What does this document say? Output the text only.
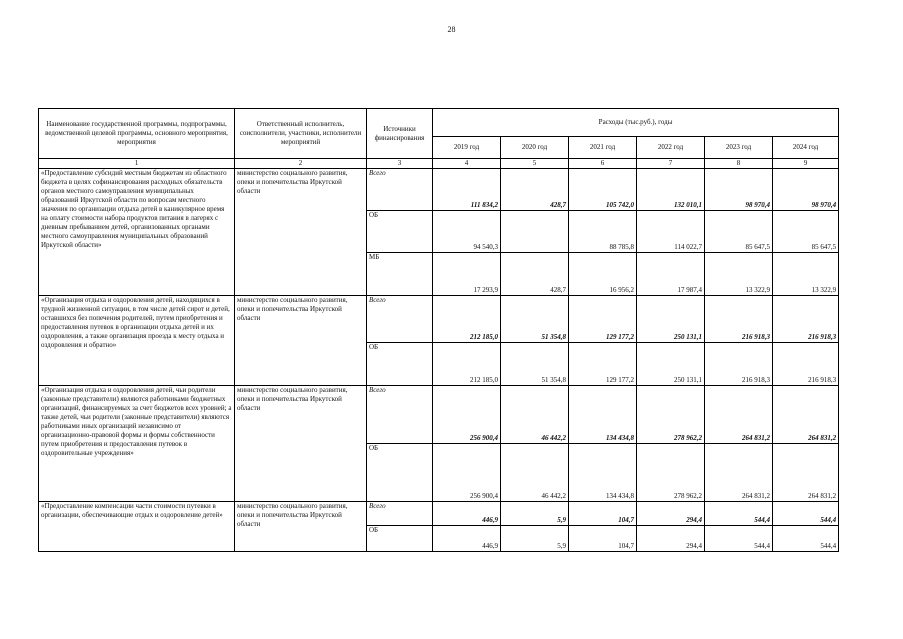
28
Наименование государственной программы, подпрограммы, ведомственной целевой программы, основного мероприятия, мероприятия	Ответственный исполнитель, соисполнители, участники, исполнители мероприятий	Источники финансирования	Расходы (тыс.руб.), годы					
			2019 год	2020 год	2021 год	2022 год	2023 год	2024 год
1	2	3	4	5	6	7	8	9
«Предоставление субсидий местным бюджетам из областного бюджета в целях софинансирования расходных обязательств органов местного самоуправления муниципальных образований Иркутской области по вопросам местного значения по организации отдыха детей в каникулярное время на оплату стоимости набора продуктов питания в лагерях с дневным пребыванием детей, организованных органами местного самоуправления муниципальных образований Иркутской области»	министерство социального развития, опеки и попечительства Иркутской области	Всего	111 834,2	428,7	105 742,0	132 010,1	98 970,4	98 970,4
		ОБ	94 540,3		88 785,8	114 022,7	85 647,5	85 647,5
		МБ	17 293,9	428,7	16 956,2	17 987,4	13 322,9	13 322,9
«Организация отдыха и оздоровления детей, находящихся в трудной жизненной ситуации, в том числе детей сирот и детей, оставшихся без попечения родителей, путем приобретения и предоставления путевок в организации отдыха детей и их оздоровления, а также организация проезда к месту отдыха и оздоровления и обратно»	министерство социального развития, опеки и попечительства Иркутской области	Всего	212 185,0	51 354,8	129 177,2	250 131,1	216 918,3	216 918,3
		ОБ	212 185,0	51 354,8	129 177,2	250 131,1	216 918,3	216 918,3
«Организация отдыха и оздоровления детей, чьи родители (законные представители) являются работниками бюджетных организаций, финансируемых за счет бюджетов всех уровней; а также детей, чьи родители (законные представители) являются работниками иных организаций независимо от организационно-правовой формы и формы собственности путем приобретения и предоставления путевок в оздоровительные учреждения»	министерство социального развития, опеки и попечительства Иркутской области	Всего	256 900,4	46 442,2	134 434,8	278 962,2	264 831,2	264 831,2
		ОБ	256 900,4	46 442,2	134 434,8	278 962,2	264 831,2	264 831,2
«Предоставление компенсации части стоимости путевки в организации, обеспечивающие отдых и оздоровление детей»	министерство социального развития, опеки и попечительства Иркутской области	Всего	446,9	5,9	104,7	294,4	544,4	544,4
		ОБ	446,9	5,9	104,7	294,4	544,4	544,4
